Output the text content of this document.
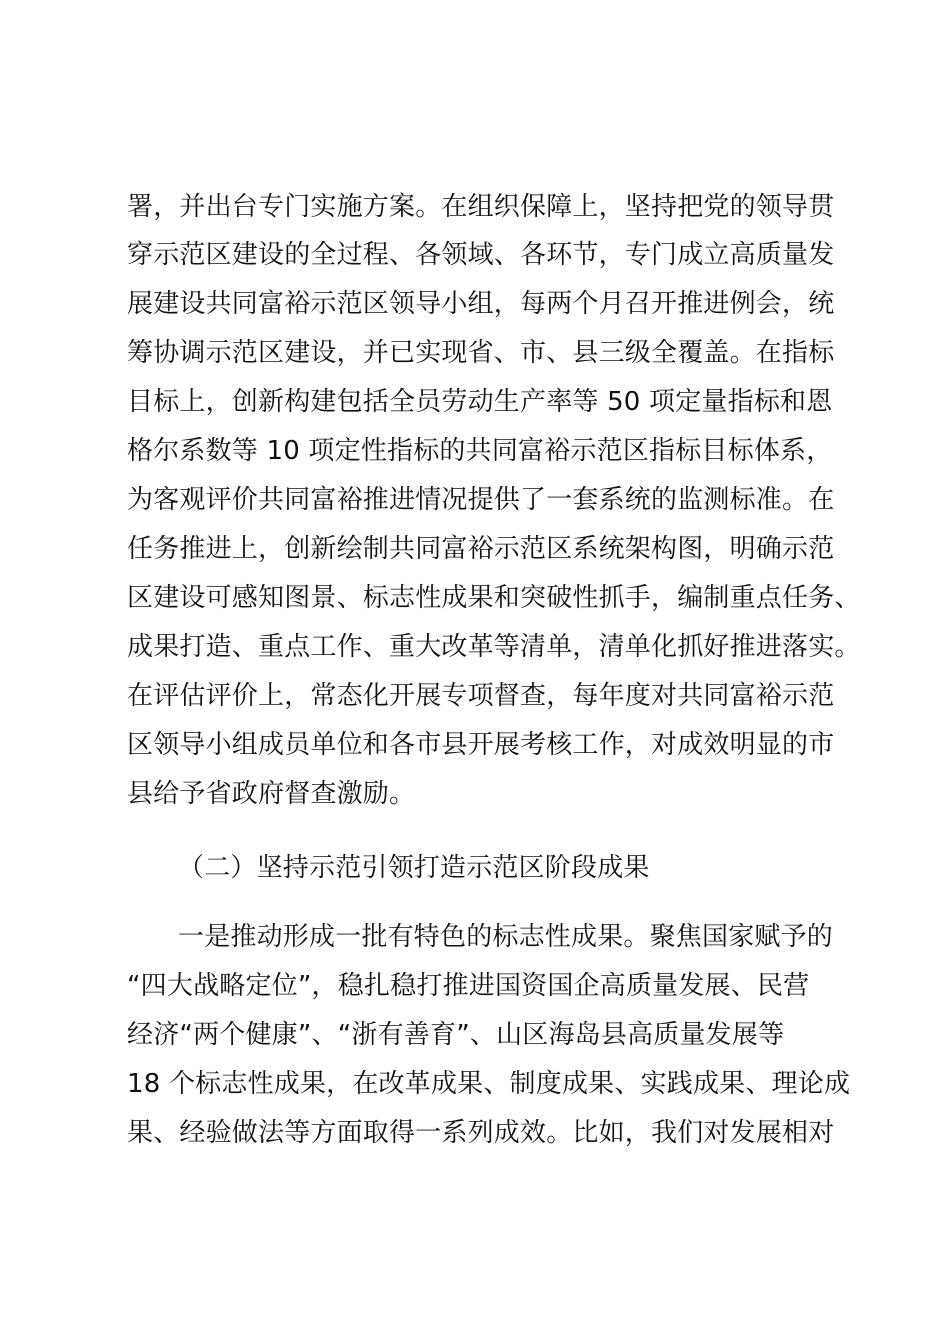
署，并出台专门实施方案。在组织保障上，坚持把党的领导贯
穿示范区建设的全过程、各领域、各环节，专门成立高质量发
展建设共同富裕示范区领导小组，每两个月召开推进例会，统
筹协调示范区建设，并已实现省、市、县三级全覆盖。在指标
目标上，创新构建包括全员劳动生产率等 50 项定量指标和恩
格尔系数等 10 项定性指标的共同富裕示范区指标目标体系，
为客观评价共同富裕推进情况提供了一套系统的监测标准。在
任务推进上，创新绘制共同富裕示范区系统架构图，明确示范
区建设可感知图景、标志性成果和突破性抓手，编制重点任务、
成果打造、重点工作、重大改革等清单，清单化抓好推进落实。
在评估评价上，常态化开展专项督查，每年度对共同富裕示范
区领导小组成员单位和各市县开展考核工作，对成效明显的市
县给予省政府督查激励。
（二）坚持示范引领打造示范区阶段成果
一是推动形成一批有特色的标志性成果。聚焦国家赋予的
“四大战略定位”，稳扎稳打推进国资国企高质量发展、民营
经济“两个健康”、“浙有善育”、山区海岛县高质量发展等
18 个标志性成果，在改革成果、制度成果、实践成果、理论成
果、经验做法等方面取得一系列成效。比如，我们对发展相对
